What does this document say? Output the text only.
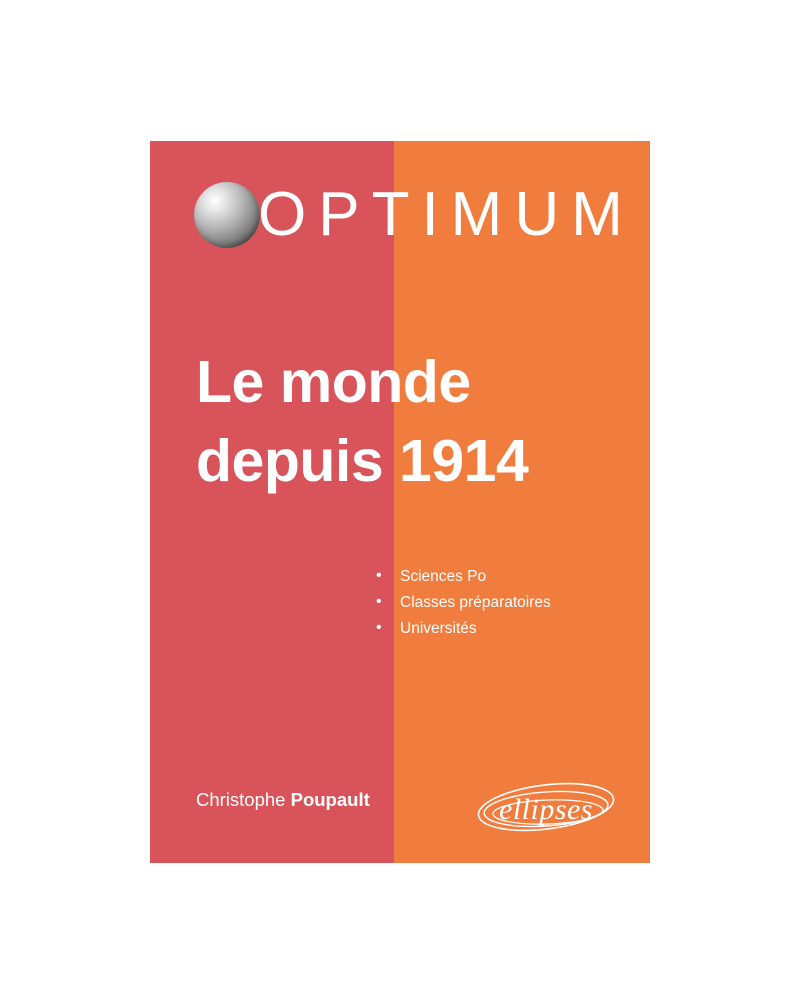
OPTIMUM
Le monde
depuis 1914
• Sciences Po
• Classes préparatoires
• Universités
Christophe Poupault	ellipses
